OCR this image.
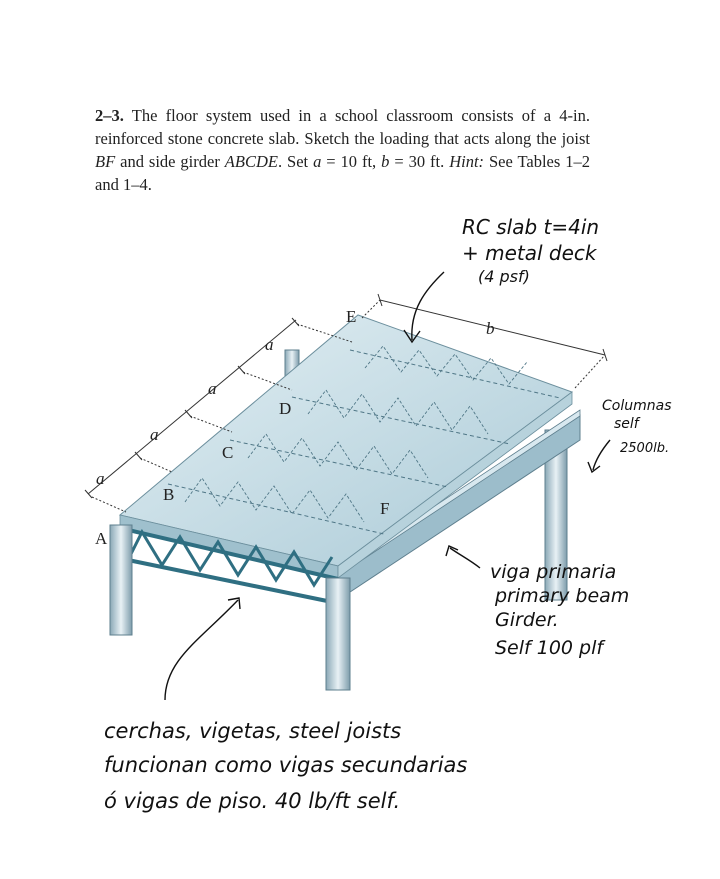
2–3. The floor system used in a school classroom consists of a 4-in. reinforced stone concrete slab. Sketch the loading that acts along the joist BF and side girder ABCDE. Set a = 10 ft, b = 30 ft. Hint: See Tables 1–2 and 1–4.
A
B
C
D
E
F
a
a
a
a
b
RC slab t=4in
+ metal deck
(4 psf)
Columnas
self
2500lb.
viga primaria
primary beam
Girder.
Self 100 plf
cerchas, vigetas, steel joists
funcionan como vigas secundarias
ó vigas de piso. 40 lb/ft self.
